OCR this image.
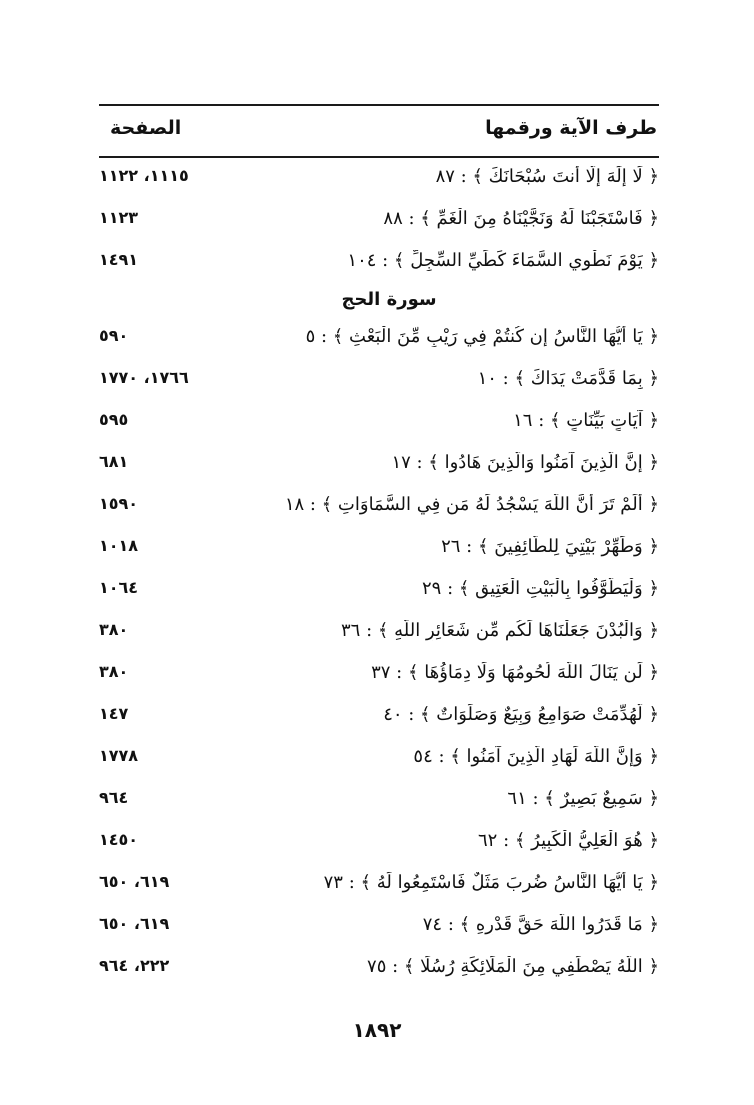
طرف الآية ورقمها
الصفحة
﴿ لَا إِلَٰهَ إِلَّا أَنتَ سُبْحَانَكَ ﴾ : ٨٧
١١١٥، ١١٢٢
﴿ فَاسْتَجَبْنَا لَهُ وَنَجَّيْنَاهُ مِنَ الْغَمِّ ﴾ : ٨٨
١١٢٣
﴿ يَوْمَ نَطْوِي السَّمَاءَ كَطَيِّ السِّجِلِّ ﴾ : ١٠٤
١٤٩١
سورة الحج
﴿ يَا أَيُّهَا النَّاسُ إِن كُنتُمْ فِي رَيْبٍ مِّنَ الْبَعْثِ ﴾ : ٥
٥٩٠
﴿ بِمَا قَدَّمَتْ يَدَاكَ ﴾ : ١٠
١٧٦٦، ١٧٧٠
﴿ آيَاتٍ بَيِّنَاتٍ ﴾ : ١٦
٥٩٥
﴿ إِنَّ الَّذِينَ آمَنُوا وَالَّذِينَ هَادُوا ﴾ : ١٧
٦٨١
﴿ أَلَمْ تَرَ أَنَّ اللَّهَ يَسْجُدُ لَهُ مَن فِي السَّمَاوَاتِ ﴾ : ١٨
١٥٩٠
﴿ وَطَهِّرْ بَيْتِيَ لِلطَّائِفِينَ ﴾ : ٢٦
١٠١٨
﴿ وَلْيَطَّوَّفُوا بِالْبَيْتِ الْعَتِيقِ ﴾ : ٢٩
١٠٦٤
﴿ وَالْبُدْنَ جَعَلْنَاهَا لَكُم مِّن شَعَائِرِ اللَّهِ ﴾ : ٣٦
٣٨٠
﴿ لَن يَنَالَ اللَّهَ لُحُومُهَا وَلَا دِمَاؤُهَا ﴾ : ٣٧
٣٨٠
﴿ لَّهُدِّمَتْ صَوَامِعُ وَبِيَعٌ وَصَلَوَاتٌ ﴾ : ٤٠
١٤٧
﴿ وَإِنَّ اللَّهَ لَهَادِ الَّذِينَ آمَنُوا ﴾ : ٥٤
١٧٧٨
﴿ سَمِيعٌ بَصِيرٌ ﴾ : ٦١
٩٦٤
﴿ هُوَ الْعَلِيُّ الْكَبِيرُ ﴾ : ٦٢
١٤٥٠
﴿ يَا أَيُّهَا النَّاسُ ضُرِبَ مَثَلٌ فَاسْتَمِعُوا لَهُ ﴾ : ٧٣
٦١٩، ٦٥٠
﴿ مَا قَدَرُوا اللَّهَ حَقَّ قَدْرِهِ ﴾ : ٧٤
٦١٩، ٦٥٠
﴿ اللَّهُ يَصْطَفِي مِنَ الْمَلَائِكَةِ رُسُلًا ﴾ : ٧٥
٢٢٢، ٩٦٤
١٨٩٢
